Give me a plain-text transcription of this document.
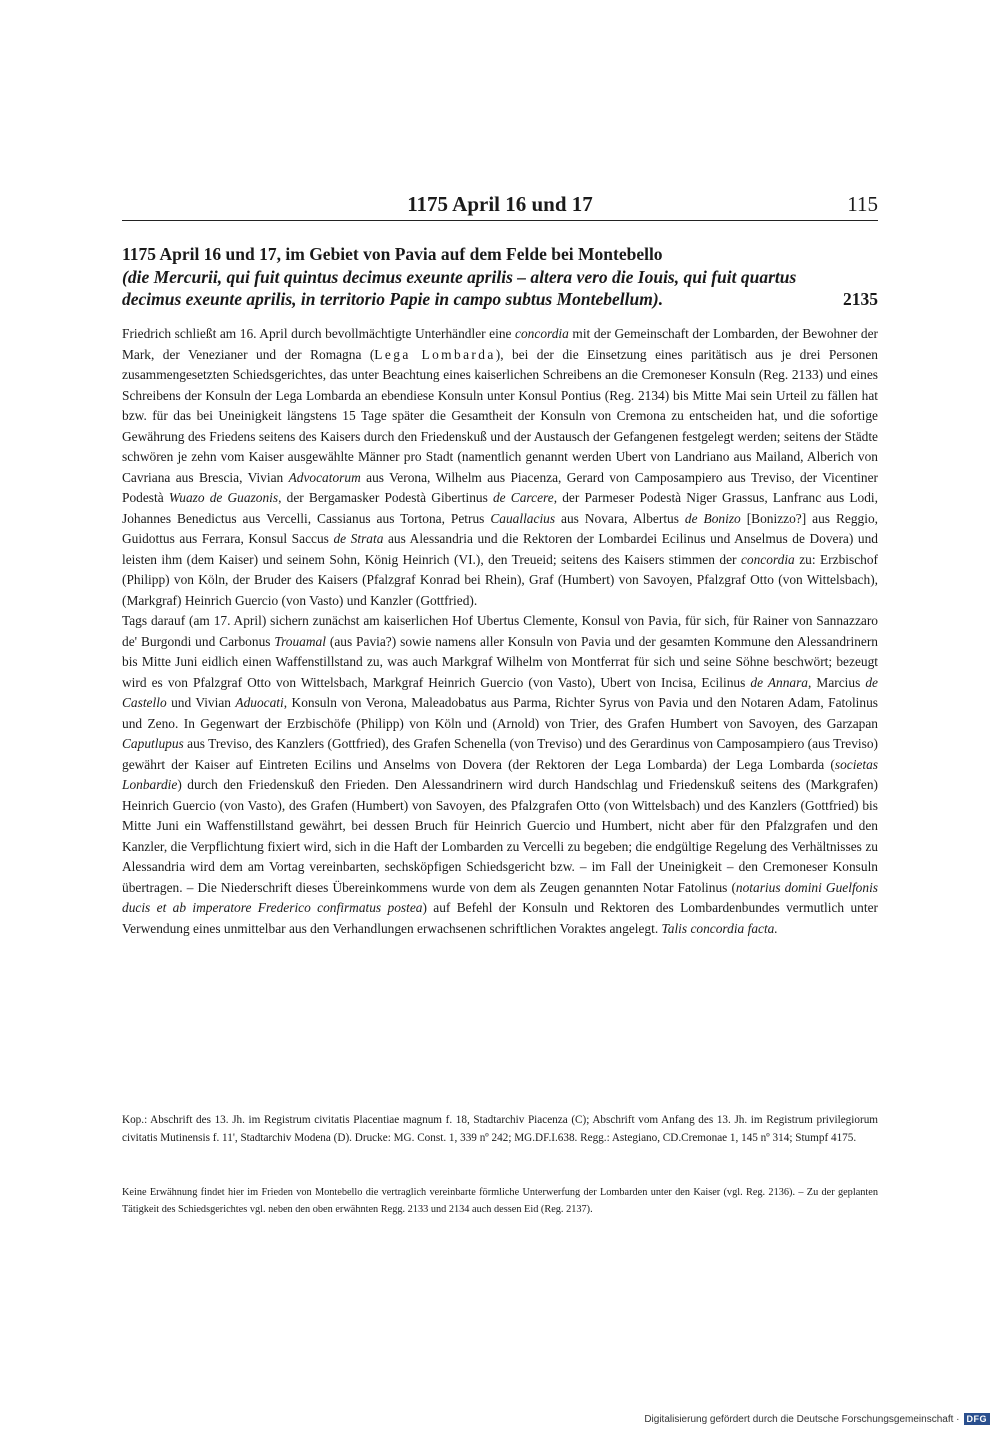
1175 April 16 und 17	115
1175 April 16 und 17, im Gebiet von Pavia auf dem Felde bei Montebello
(die Mercurii, qui fuit quintus decimus exeunte aprilis – altera vero die Iouis, qui fuit quartus decimus exeunte aprilis, in territorio Papie in campo subtus Montebellum).	2135

Friedrich schließt am 16. April durch bevollmächtigte Unterhändler eine concordia mit der Gemeinschaft der Lombarden, der Bewohner der Mark, der Venezianer und der Romagna (Lega Lombarda), bei der die Einsetzung eines paritätisch aus je drei Personen zusammengesetzten Schiedsgerichtes, das unter Beachtung eines kaiserlichen Schreibens an die Cremoneser Konsuln (Reg. 2133) und eines Schreibens der Konsuln der Lega Lombarda an ebendiese Konsuln unter Konsul Pontius (Reg. 2134) bis Mitte Mai sein Urteil zu fällen hat bzw. für das bei Uneinigkeit längstens 15 Tage später die Gesamtheit der Konsuln von Cremona zu entscheiden hat, und die sofortige Gewährung des Friedens seitens des Kaisers durch den Friedenskuß und der Austausch der Gefangenen festgelegt werden; seitens der Städte schwören je zehn vom Kaiser ausgewählte Männer pro Stadt (namentlich genannt werden Ubert von Landriano aus Mailand, Alberich von Cavriana aus Brescia, Vivian Advocatorum aus Verona, Wilhelm aus Piacenza, Gerard von Camposampiero aus Treviso, der Vicentiner Podestà Wuazo de Guazonis, der Bergamasker Podestà Gibertinus de Carcere, der Parmeser Podestà Niger Grassus, Lanfranc aus Lodi, Johannes Benedictus aus Vercelli, Cassianus aus Tortona, Petrus Cauallacius aus Novara, Albertus de Bonizo [Bonizzo?] aus Reggio, Guidottus aus Ferrara, Konsul Saccus de Strata aus Alessandria und die Rektoren der Lombardei Ecilinus und Anselmus de Dovera) und leisten ihm (dem Kaiser) und seinem Sohn, König Heinrich (VI.), den Treueid; seitens des Kaisers stimmen der concordia zu: Erzbischof (Philipp) von Köln, der Bruder des Kaisers (Pfalzgraf Konrad bei Rhein), Graf (Humbert) von Savoyen, Pfalzgraf Otto (von Wittelsbach), (Markgraf) Heinrich Guercio (von Vasto) und Kanzler (Gottfried).

Tags darauf (am 17. April) sichern zunächst am kaiserlichen Hof Ubertus Clemente, Konsul von Pavia, für sich, für Rainer von Sannazzaro de' Burgondi und Carbonus Trouamal (aus Pavia?) sowie namens aller Konsuln von Pavia und der gesamten Kommune den Alessandrinern bis Mitte Juni eidlich einen Waffenstillstand zu, was auch Markgraf Wilhelm von Montferrat für sich und seine Söhne beschwört; bezeugt wird es von Pfalzgraf Otto von Wittelsbach, Markgraf Heinrich Guercio (von Vasto), Ubert von Incisa, Ecilinus de Annara, Marcius de Castello und Vivian Aduocati, Konsuln von Verona, Maleadobatus aus Parma, Richter Syrus von Pavia und den Notaren Adam, Fatolinus und Zeno. In Gegenwart der Erzbischöfe (Philipp) von Köln und (Arnold) von Trier, des Grafen Humbert von Savoyen, des Garzapan Caputlupus aus Treviso, des Kanzlers (Gottfried), des Grafen Schenella (von Treviso) und des Gerardinus von Camposampiero (aus Treviso) gewährt der Kaiser auf Eintreten Ecilins und Anselms von Dovera (der Rektoren der Lega Lombarda) der Lega Lombarda (societas Lonbardie) durch den Friedenskuß den Frieden. Den Alessandrinern wird durch Handschlag und Friedenskuß seitens des (Markgrafen) Heinrich Guercio (von Vasto), des Grafen (Humbert) von Savoyen, des Pfalzgrafen Otto (von Wittelsbach) und des Kanzlers (Gottfried) bis Mitte Juni ein Waffenstillstand gewährt, bei dessen Bruch für Heinrich Guercio und Humbert, nicht aber für den Pfalzgrafen und den Kanzler, die Verpflichtung fixiert wird, sich in die Haft der Lombarden zu Vercelli zu begeben; die endgültige Regelung des Verhältnisses zu Alessandria wird dem am Vortag vereinbarten, sechsköpfigen Schiedsgericht bzw. – im Fall der Uneinigkeit – den Cremoneser Konsuln übertragen. – Die Niederschrift dieses Übereinkommens wurde von dem als Zeugen genannten Notar Fatolinus (notarius domini Guelfonis ducis et ab imperatore Frederico confirmatus postea) auf Befehl der Konsuln und Rektoren des Lombardenbundes vermutlich unter Verwendung eines unmittelbar aus den Verhandlungen erwachsenen schriftlichen Voraktes angelegt. Talis concordia facta.

Kop.: Abschrift des 13. Jh. im Registrum civitatis Placentiae magnum f. 18, Stadtarchiv Piacenza (C); Abschrift vom Anfang des 13. Jh. im Registrum privilegiorum civitatis Mutinensis f. 11', Stadtarchiv Modena (D). Drucke: MG. Const. 1, 339 nº 242; MG.DF.I.638. Regg.: Astegiano, CD.Cremonae 1, 145 nº 314; Stumpf 4175.
Keine Erwähnung findet hier im Frieden von Montebello die vertraglich vereinbarte förmliche Unterwerfung der Lombarden unter den Kaiser (vgl. Reg. 2136). – Zu der geplanten Tätigkeit des Schiedsgerichtes vgl. neben den oben erwähnten Regg. 2133 und 2134 auch dessen Eid (Reg. 2137).
Digitalisierung gefördert durch die Deutsche Forschungsgemeinschaft · DFG
